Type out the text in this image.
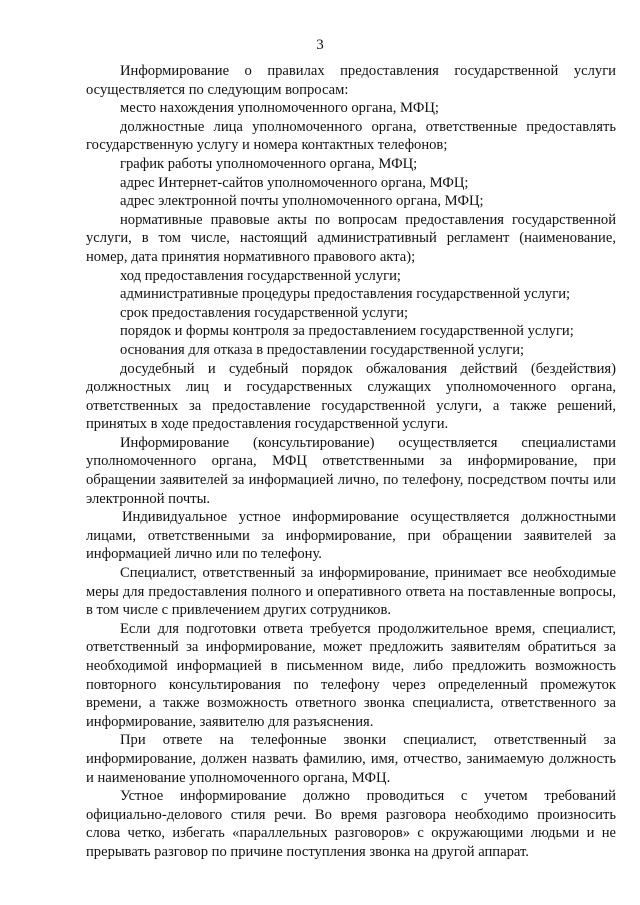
3

Информирование о правилах предоставления государственной услуги осуществляется по следующим вопросам:

место нахождения уполномоченного органа, МФЦ;

должностные лица уполномоченного органа, ответственные предоставлять государственную услугу и номера контактных телефонов;

график работы уполномоченного органа, МФЦ;

адрес Интернет-сайтов уполномоченного органа, МФЦ;

адрес электронной почты уполномоченного органа, МФЦ;

нормативные правовые акты по вопросам предоставления государственной услуги, в том числе, настоящий административный регламент (наименование, номер, дата принятия нормативного правового акта);

ход предоставления государственной услуги;

административные процедуры предоставления государственной услуги;

срок предоставления государственной услуги;

порядок и формы контроля за предоставлением государственной услуги;

основания для отказа в предоставлении государственной услуги;

досудебный и судебный порядок обжалования действий (бездействия) должностных лиц и государственных служащих уполномоченного органа, ответственных за предоставление государственной услуги, а также решений, принятых в ходе предоставления государственной услуги.

Информирование (консультирование) осуществляется специалистами уполномоченного органа, МФЦ ответственными за информирование, при обращении заявителей за информацией лично, по телефону, посредством почты или электронной почты.

Индивидуальное устное информирование осуществляется должностными лицами, ответственными за информирование, при обращении заявителей за информацией лично или по телефону.

Специалист, ответственный за информирование, принимает все необходимые меры для предоставления полного и оперативного ответа на поставленные вопросы, в том числе с привлечением других сотрудников.

Если для подготовки ответа требуется продолжительное время, специалист, ответственный за информирование, может предложить заявителям обратиться за необходимой информацией в письменном виде, либо предложить возможность повторного консультирования по телефону через определенный промежуток времени, а также возможность ответного звонка специалиста, ответственного за информирование, заявителю для разъяснения.

При ответе на телефонные звонки специалист, ответственный за информирование, должен назвать фамилию, имя, отчество, занимаемую должность и наименование уполномоченного органа, МФЦ.

Устное информирование должно проводиться с учетом требований официально-делового стиля речи. Во время разговора необходимо произносить слова четко, избегать «параллельных разговоров» с окружающими людьми и не прерывать разговор по причине поступления звонка на другой аппарат.
